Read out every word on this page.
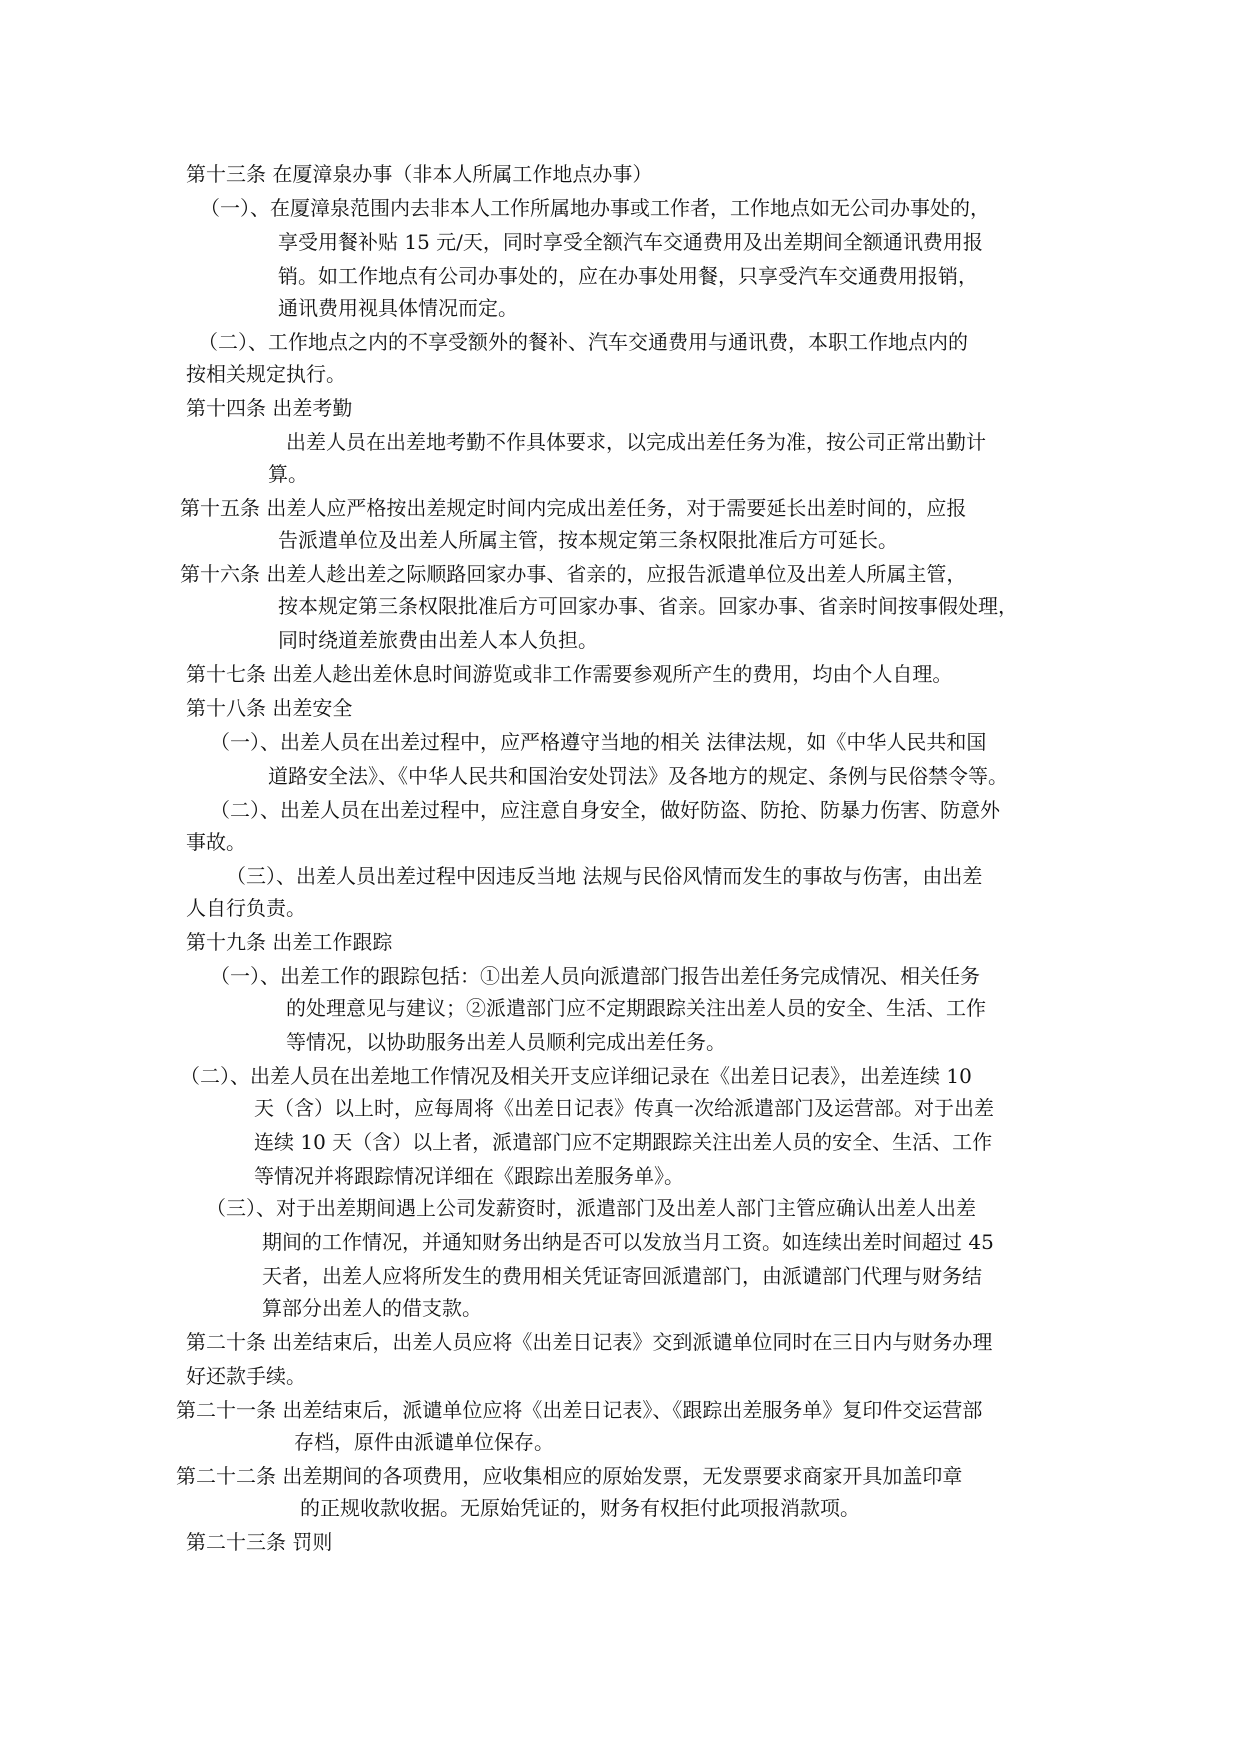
第十三条 在厦漳泉办事（非本人所属工作地点办事）
（一）、在厦漳泉范围内去非本人工作所属地办事或工作者，工作地点如无公司办事处的，
享受用餐补贴 15 元/天，同时享受全额汽车交通费用及出差期间全额通讯费用报
销。如工作地点有公司办事处的，应在办事处用餐，只享受汽车交通费用报销，
通讯费用视具体情况而定。
（二）、工作地点之内的不享受额外的餐补、汽车交通费用与通讯费，本职工作地点内的
按相关规定执行。
第十四条 出差考勤
出差人员在出差地考勤不作具体要求，以完成出差任务为准，按公司正常出勤计
算。
第十五条 出差人应严格按出差规定时间内完成出差任务，对于需要延长出差时间的，应报
告派遣单位及出差人所属主管，按本规定第三条权限批准后方可延长。
第十六条 出差人趁出差之际顺路回家办事、省亲的，应报告派遣单位及出差人所属主管，
按本规定第三条权限批准后方可回家办事、省亲。回家办事、省亲时间按事假处理，
同时绕道差旅费由出差人本人负担。
第十七条 出差人趁出差休息时间游览或非工作需要参观所产生的费用，均由个人自理。
第十八条 出差安全
（一）、出差人员在出差过程中，应严格遵守当地的相关 法律法规，如《中华人民共和国
道路安全法》、《中华人民共和国治安处罚法》及各地方的规定、条例与民俗禁令等。
（二）、出差人员在出差过程中，应注意自身安全，做好防盗、防抢、防暴力伤害、防意外
事故。
（三）、出差人员出差过程中因违反当地 法规与民俗风情而发生的事故与伤害，由出差
人自行负责。
第十九条 出差工作跟踪
（一）、出差工作的跟踪包括：①出差人员向派遣部门报告出差任务完成情况、相关任务
的处理意见与建议；②派遣部门应不定期跟踪关注出差人员的安全、生活、工作
等情况，以协助服务出差人员顺利完成出差任务。
（二）、出差人员在出差地工作情况及相关开支应详细记录在《出差日记表》，出差连续 10
天（含）以上时，应每周将《出差日记表》传真一次给派遣部门及运营部。对于出差
连续 10 天（含）以上者，派遣部门应不定期跟踪关注出差人员的安全、生活、工作
等情况并将跟踪情况详细在《跟踪出差服务单》。
（三）、对于出差期间遇上公司发薪资时，派遣部门及出差人部门主管应确认出差人出差
期间的工作情况，并通知财务出纳是否可以发放当月工资。如连续出差时间超过 45
天者，出差人应将所发生的费用相关凭证寄回派遣部门，由派谴部门代理与财务结
算部分出差人的借支款。
第二十条 出差结束后，出差人员应将《出差日记表》交到派谴单位同时在三日内与财务办理
好还款手续。
第二十一条 出差结束后，派谴单位应将《出差日记表》、《跟踪出差服务单》复印件交运营部
存档，原件由派谴单位保存。
第二十二条 出差期间的各项费用，应收集相应的原始发票，无发票要求商家开具加盖印章
的正规收款收据。无原始凭证的，财务有权拒付此项报消款项。
第二十三条 罚则
